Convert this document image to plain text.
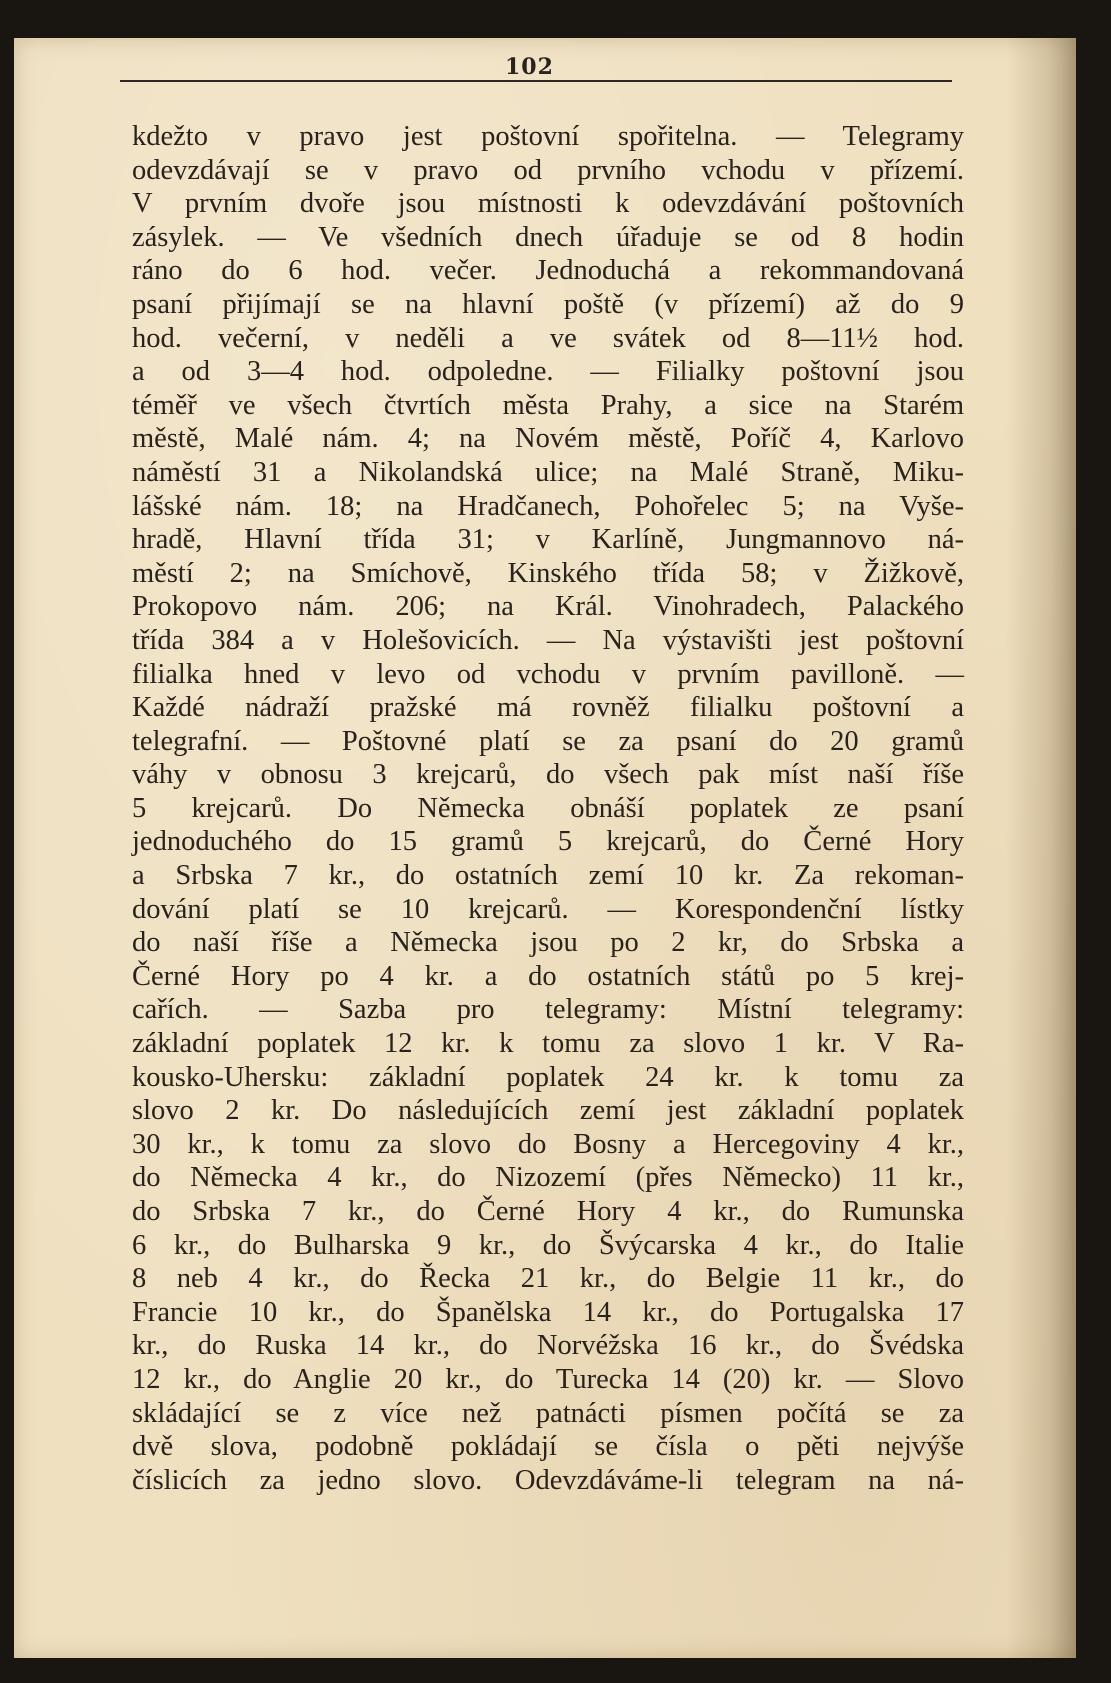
102
kdežto v pravo jest poštovní spořitelna. — Telegramy
odevzdávají se v pravo od prvního vchodu v přízemí.
V prvním dvoře jsou místnosti k odevzdávání poštovních
zásylek. — Ve všedních dnech úřaduje se od 8 hodin
ráno do 6 hod. večer. Jednoduchá a rekommandovaná
psaní přijímají se na hlavní poště (v přízemí) až do 9
hod. večerní, v neděli a ve svátek od 8—11½ hod.
a od 3—4 hod. odpoledne. — Filialky poštovní jsou
téměř ve všech čtvrtích města Prahy, a sice na Starém
městě, Malé nám. 4; na Novém městě, Poříč 4, Karlovo
náměstí 31 a Nikolandská ulice; na Malé Straně, Miku-
lášské nám. 18; na Hradčanech, Pohořelec 5; na Vyše-
hradě, Hlavní třída 31; v Karlíně, Jungmannovo ná-
městí 2; na Smíchově, Kinského třída 58; v Žižkově,
Prokopovo nám. 206; na Král. Vinohradech, Palackého
třída 384 a v Holešovicích. — Na výstavišti jest poštovní
filialka hned v levo od vchodu v prvním pavilloně. —
Každé nádraží pražské má rovněž filialku poštovní a
telegrafní. — Poštovné platí se za psaní do 20 gramů
váhy v obnosu 3 krejcarů, do všech pak míst naší říše
5 krejcarů. Do Německa obnáší poplatek ze psaní
jednoduchého do 15 gramů 5 krejcarů, do Černé Hory
a Srbska 7 kr., do ostatních zemí 10 kr. Za rekoman-
dování platí se 10 krejcarů. — Korespondenční lístky
do naší říše a Německa jsou po 2 kr, do Srbska a
Černé Hory po 4 kr. a do ostatních států po 5 krej-
cařích. — Sazba pro telegramy: Místní telegramy:
základní poplatek 12 kr. k tomu za slovo 1 kr. V Ra-
kousko-Uhersku: základní poplatek 24 kr. k tomu za
slovo 2 kr. Do následujících zemí jest základní poplatek
30 kr., k tomu za slovo do Bosny a Hercegoviny 4 kr.,
do Německa 4 kr., do Nizozemí (přes Německo) 11 kr.,
do Srbska 7 kr., do Černé Hory 4 kr., do Rumunska
6 kr., do Bulharska 9 kr., do Švýcarska 4 kr., do Italie
8 neb 4 kr., do Řecka 21 kr., do Belgie 11 kr., do
Francie 10 kr., do Španělska 14 kr., do Portugalska 17
kr., do Ruska 14 kr., do Norvéžska 16 kr., do Švédska
12 kr., do Anglie 20 kr., do Turecka 14 (20) kr. — Slovo
skládající se z více než patnácti písmen počítá se za
dvě slova, podobně pokládají se čísla o pěti nejvýše
číslicích za jedno slovo. Odevzdáváme-li telegram na ná-
